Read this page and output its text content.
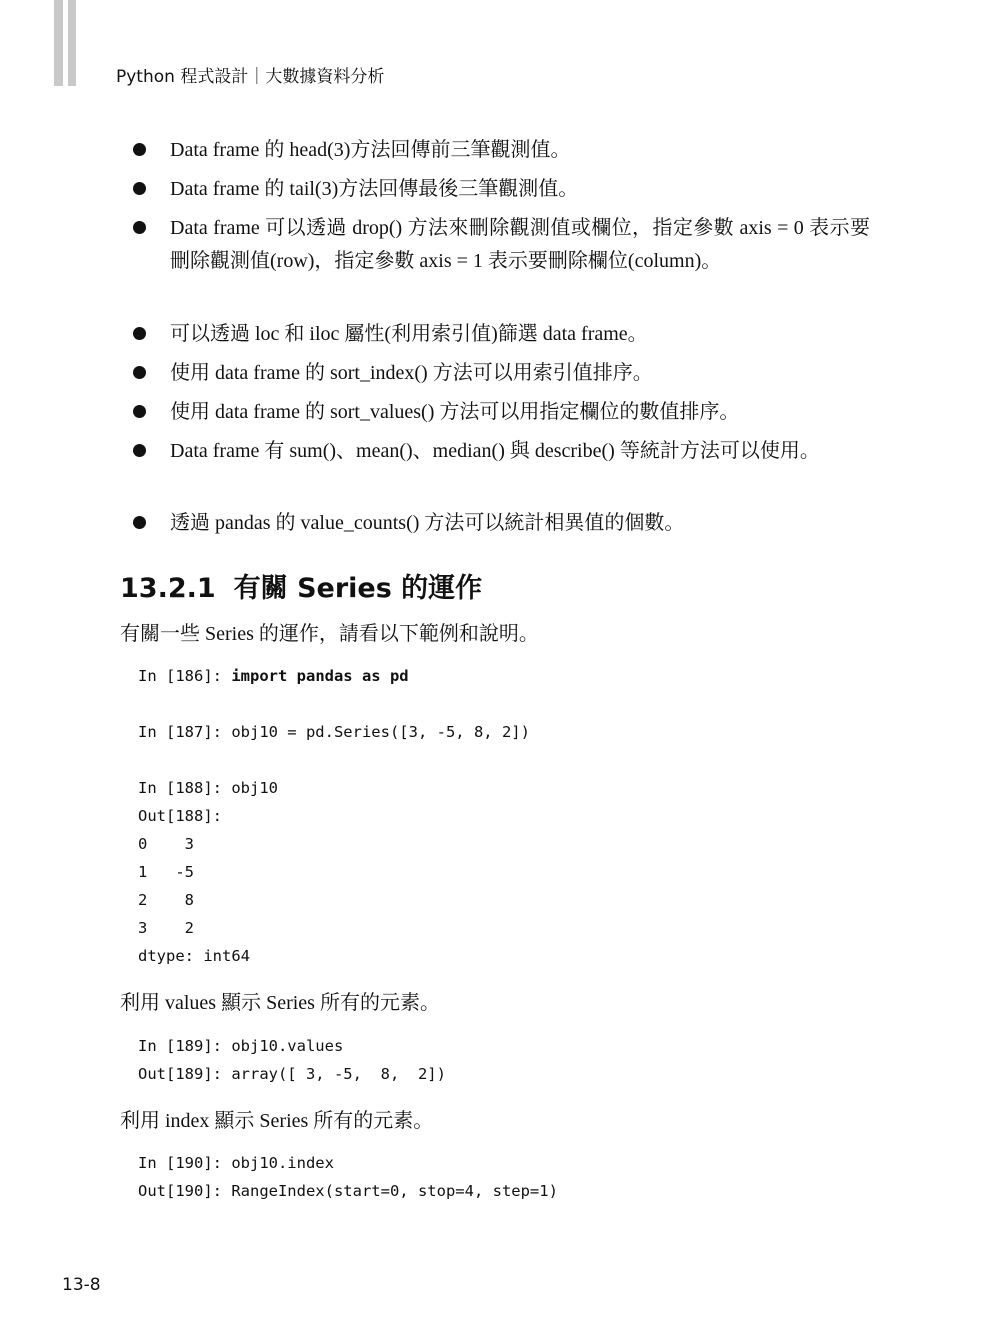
Python 程式設計｜大數據資料分析
Data frame 的 head(3)方法回傳前三筆觀測值。
Data frame 的 tail(3)方法回傳最後三筆觀測值。
Data frame 可以透過 drop() 方法來刪除觀測值或欄位，指定參數 axis = 0 表示要刪除觀測值(row)，指定參數 axis = 1 表示要刪除欄位(column)。
可以透過 loc 和 iloc 屬性(利用索引值)篩選 data frame。
使用 data frame 的 sort_index() 方法可以用索引值排序。
使用 data frame 的 sort_values() 方法可以用指定欄位的數值排序。
Data frame 有 sum()、mean()、median() 與 describe() 等統計方法可以使用。
透過 pandas 的 value_counts() 方法可以統計相異值的個數。
13.2.1 有關 Series 的運作
有關一些 Series 的運作，請看以下範例和說明。
In [186]: import pandas as pd

In [187]: obj10 = pd.Series([3, -5, 8, 2])

In [188]: obj10
Out[188]:
0    3
1   -5
2    8
3    2
dtype: int64
利用 values 顯示 Series 所有的元素。
In [189]: obj10.values
Out[189]: array([ 3, -5,  8,  2])
利用 index 顯示 Series 所有的元素。
In [190]: obj10.index
Out[190]: RangeIndex(start=0, stop=4, step=1)
13-8
